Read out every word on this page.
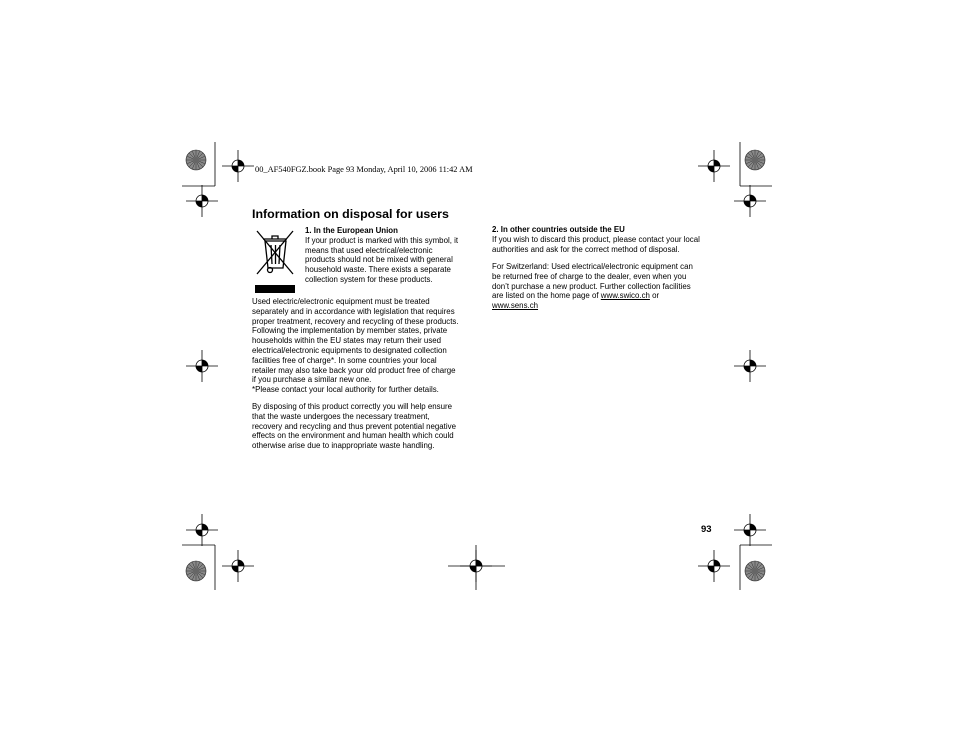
00_AF540FGZ.book Page 93 Monday, April 10, 2006 11:42 AM
Information on disposal for users
1. In the European Union
If your product is marked with this symbol, it
means that used electrical/electronic
products should not be mixed with general
household waste. There exists a separate
collection system for these products.
Used electric/electronic equipment must be treated
separately and in accordance with legislation that requires
proper treatment, recovery and recycling of these products.
Following the implementation by member states, private
households within the EU states may return their used
electrical/electronic equipments to designated collection
facilities free of charge*. In some countries your local
retailer may also take back your old product free of charge
if you purchase a similar new one.
*Please contact your local authority for further details.
By disposing of this product correctly you will help ensure
that the waste undergoes the necessary treatment,
recovery and recycling and thus prevent potential negative
effects on the environment and human health which could
otherwise arise due to inappropriate waste handling.
2. In other countries outside the EU
If you wish to discard this product, please contact your local
authorities and ask for the correct method of disposal.
For Switzerland: Used electrical/electronic equipment can
be returned free of charge to the dealer, even when you
don’t purchase a new product. Further collection facilities
are listed on the home page of www.swico.ch or
www.sens.ch
93
